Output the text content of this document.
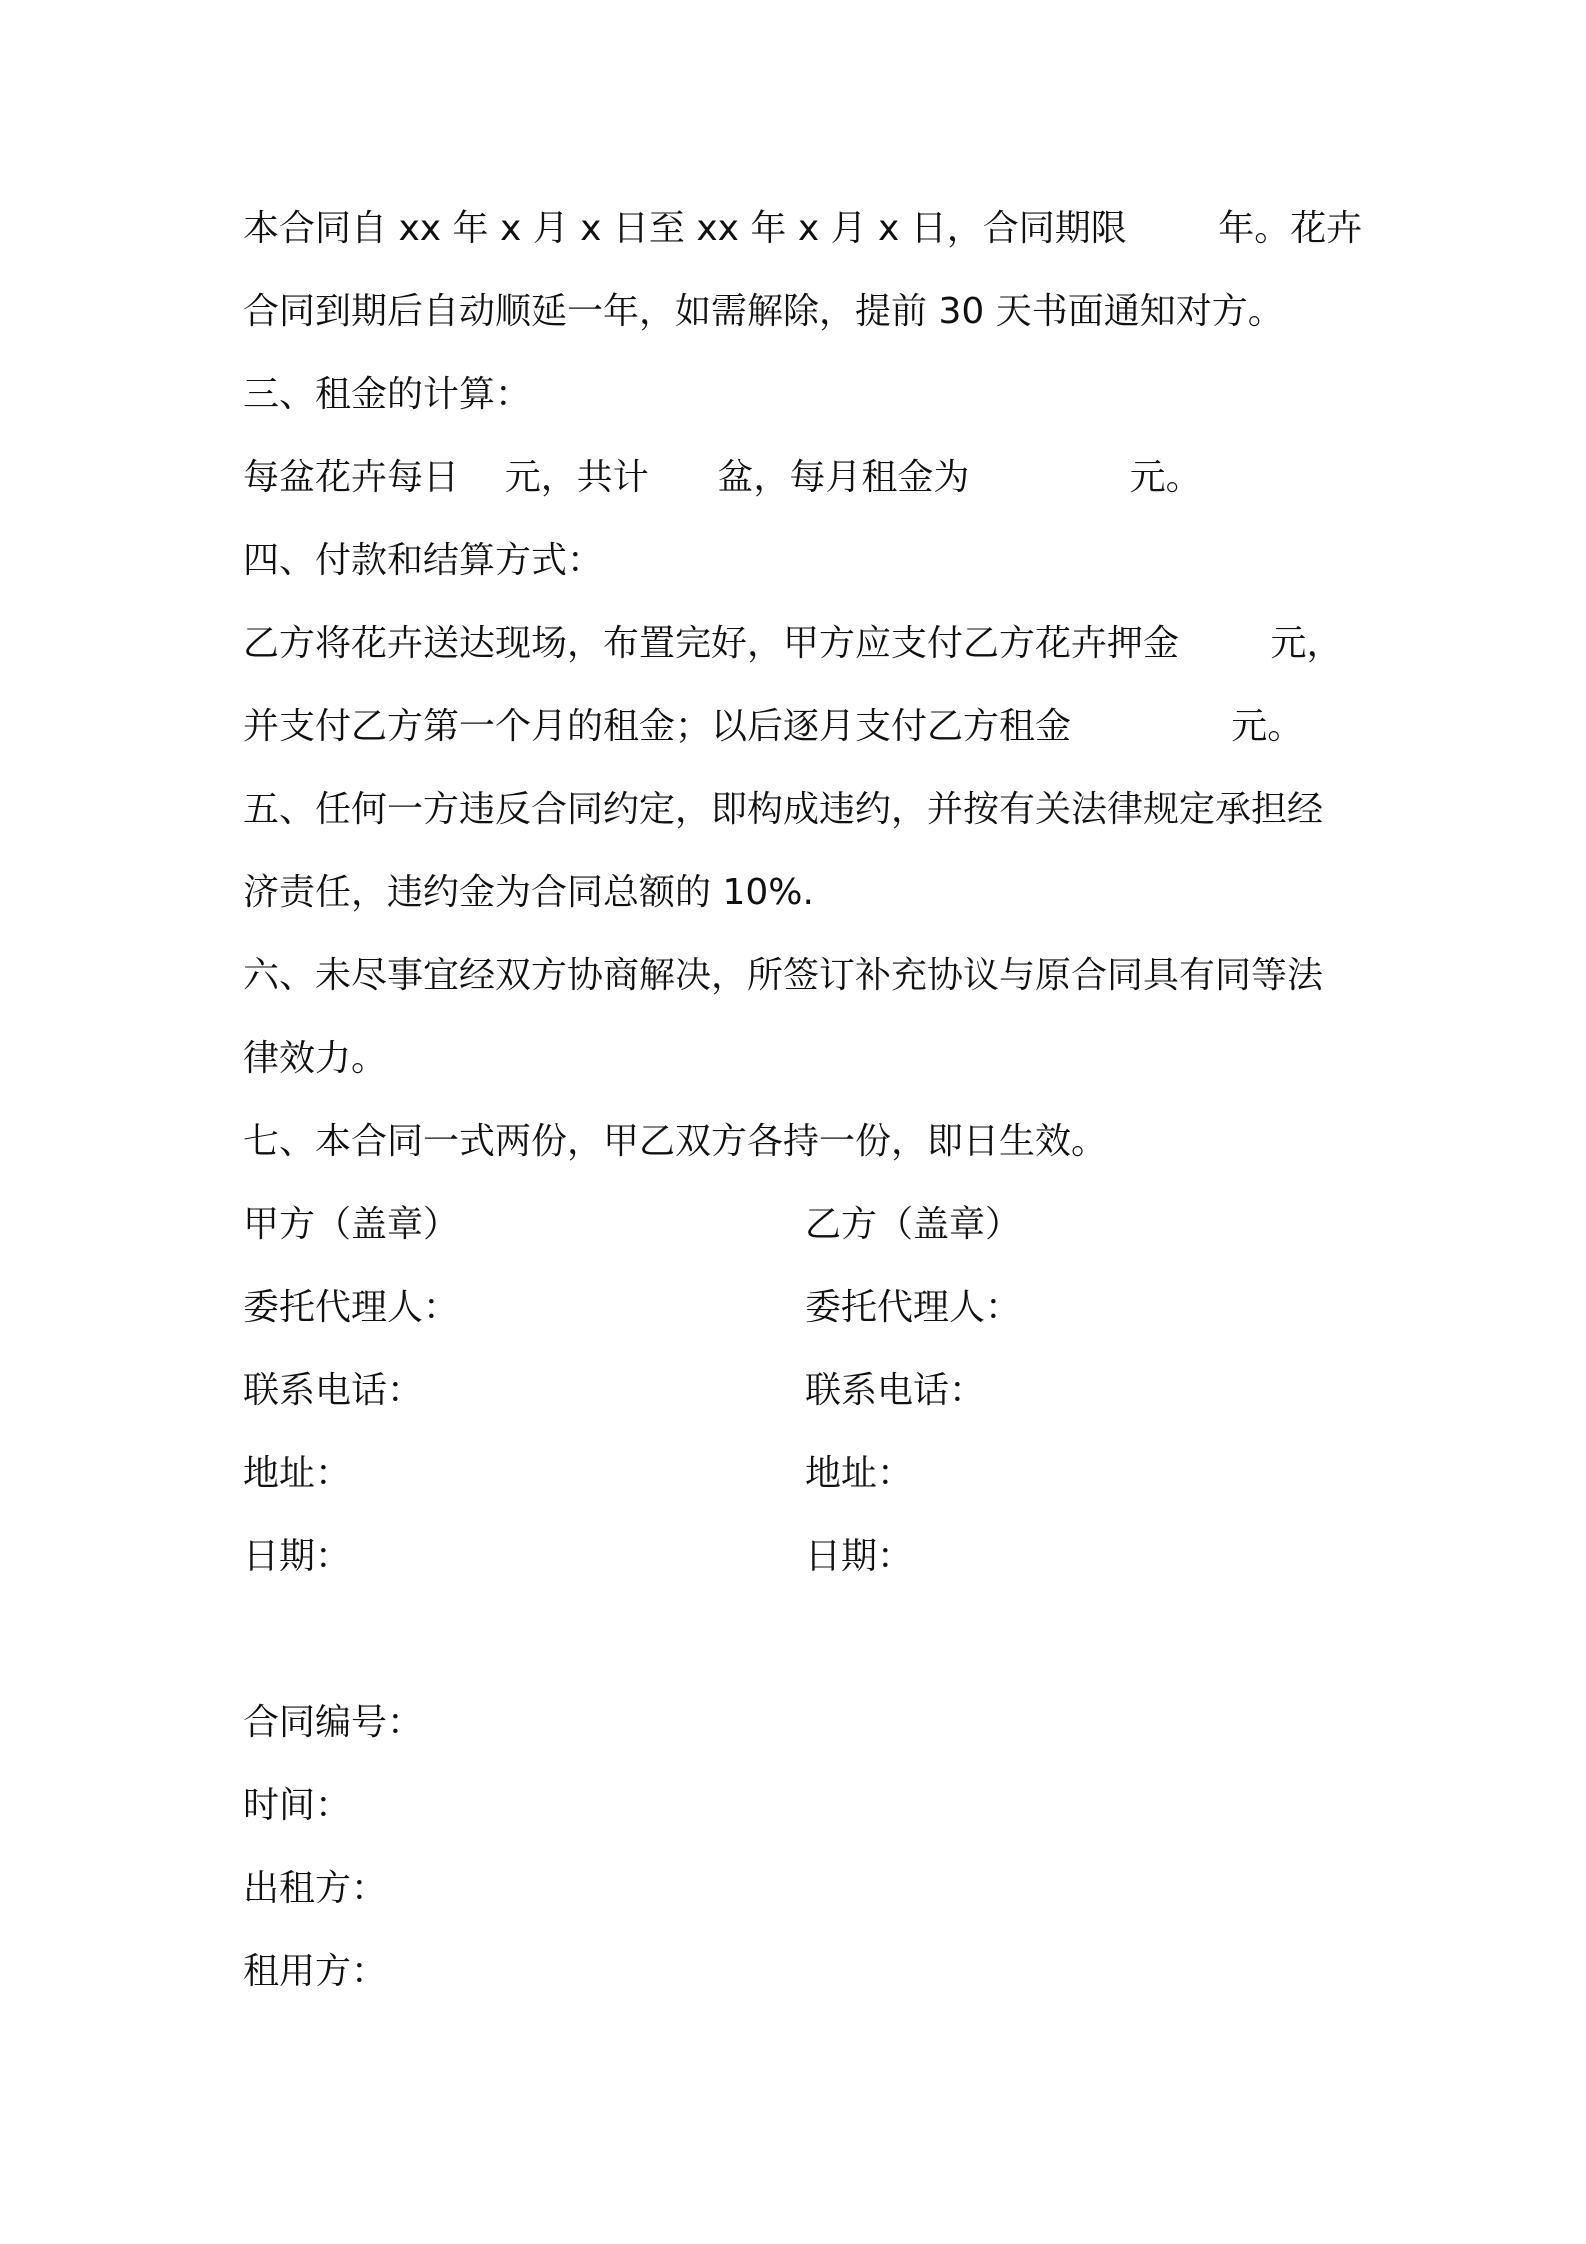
本合同自 xx 年 x 月 x 日至 xx 年 x 月 x 日，合同期限        年。花卉
合同到期后自动顺延一年，如需解除，提前 30 天书面通知对方。
三、租金的计算：
每盆花卉每日    元，共计      盆，每月租金为              元。
四、付款和结算方式：
乙方将花卉送达现场，布置完好，甲方应支付乙方花卉押金        元，
并支付乙方第一个月的租金；以后逐月支付乙方租金              元。
五、任何一方违反合同约定，即构成违约，并按有关法律规定承担经
济责任，违约金为合同总额的 10%.
六、未尽事宜经双方协商解决，所签订补充协议与原合同具有同等法
律效力。
七、本合同一式两份，甲乙双方各持一份，即日生效。
甲方（盖章）
委托代理人：
联系电话：
地址：
日期：
乙方（盖章）
委托代理人：
联系电话：
地址：
日期：
合同编号：
时间：
出租方：
租用方：
